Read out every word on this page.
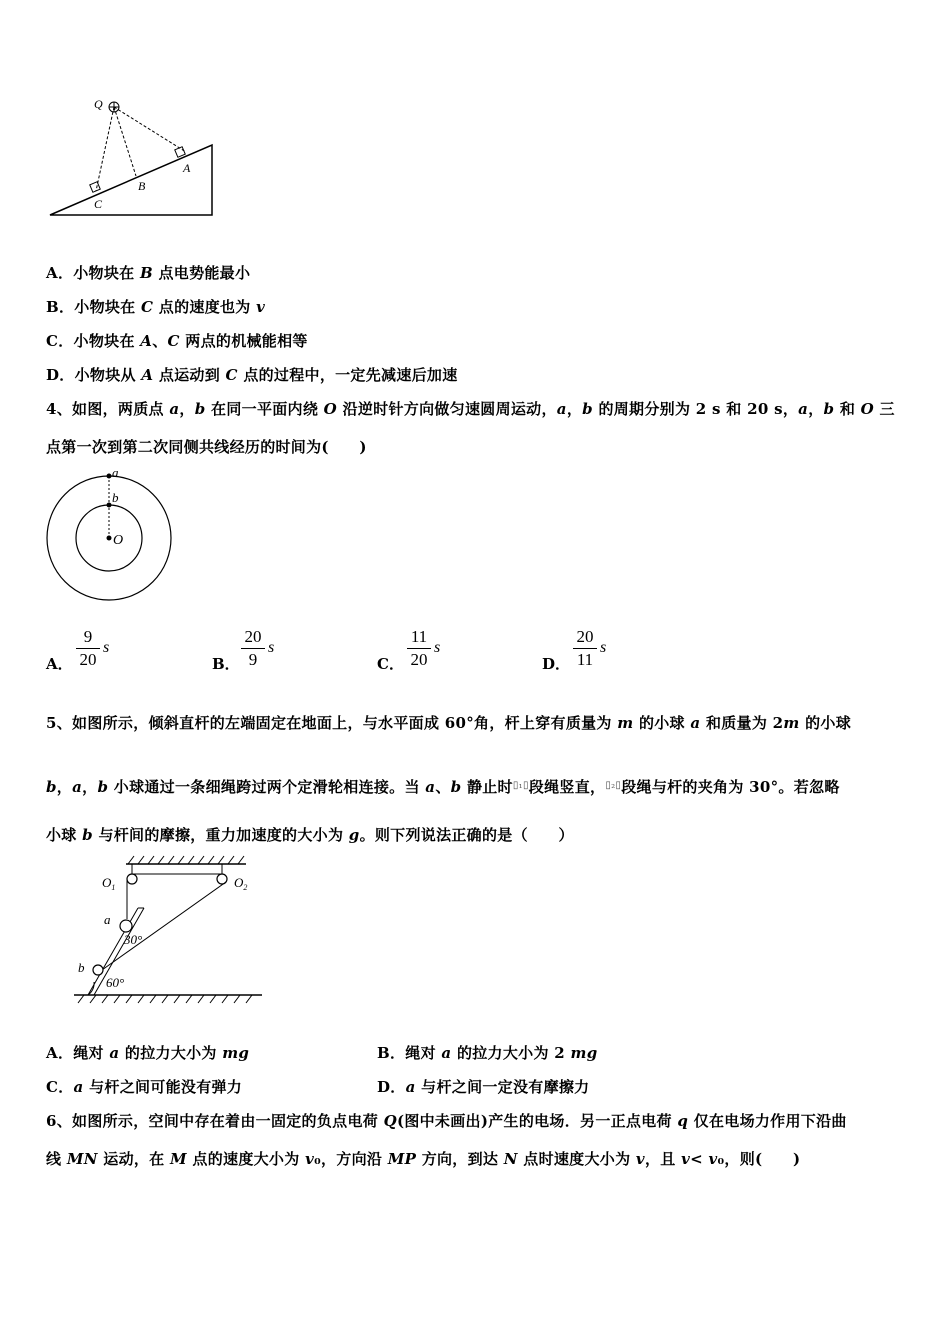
Q
A
B
C
A．小物块在 B 点电势能最小
B．小物块在 C 点的速度也为 v
C．小物块在 A、C 两点的机械能相等
D．小物块从 A 点运动到 C 点的过程中，一定先减速后加速
4、如图，两质点 a，b 在同一平面内绕 O 沿逆时针方向做匀速圆周运动，a，b 的周期分别为 2 s 和 20 s，a，b 和 O 三
点第一次到第二次同侧共线经历的时间为(　　)
a
b
O
A．
9
20
s
B．
20
9
s
C．
11
20
s
D．
20
11
s
5、如图所示，倾斜直杆的左端固定在地面上，与水平面成 60°角，杆上穿有质量为 m 的小球 a 和质量为 2m 的小球
b，a，b 小球通过一条细绳跨过两个定滑轮相连接。当 a、b 静止时▯₁▯段绳竖直，▯₂▯段绳与杆的夹角为 30°。若忽略
小球 b 与杆间的摩擦，重力加速度的大小为 g。则下列说法正确的是（　　）
$O_1$	$O_2$
a
b
30°
60°
A．绳对 a 的拉力大小为 mg	B．绳对 a 的拉力大小为 2 mg
C．a 与杆之间可能没有弹力	D．a 与杆之间一定没有摩擦力
6、如图所示，空间中存在着由一固定的负点电荷 Q(图中未画出)产生的电场．另一正点电荷 q 仅在电场力作用下沿曲
线 MN 运动，在 M 点的速度大小为 v₀，方向沿 MP 方向，到达 N 点时速度大小为 v，且 v< v₀，则(　　)
